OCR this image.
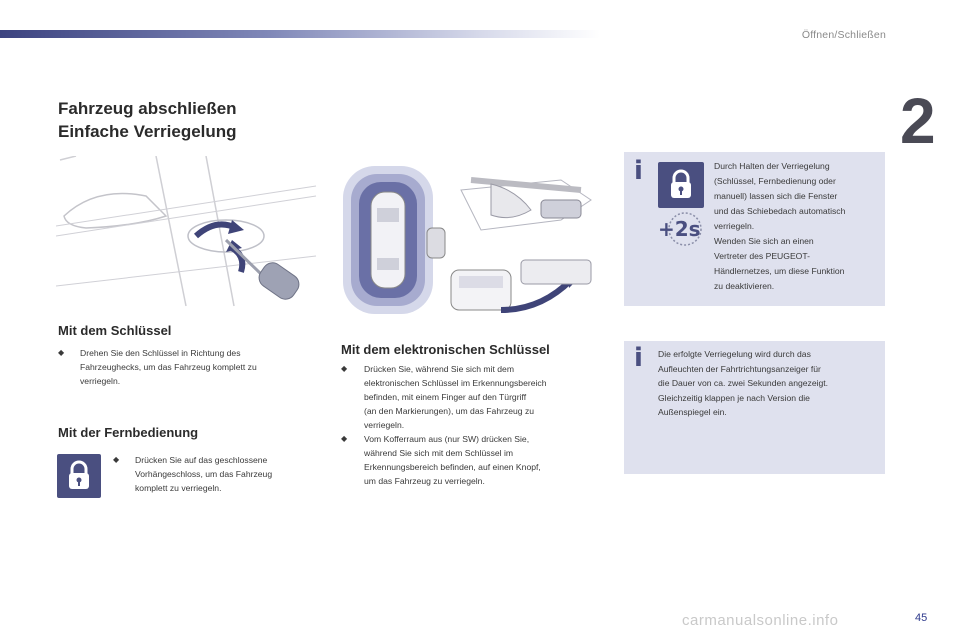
Öffnen/Schließen
2
Fahrzeug abschließen
Einfache Verriegelung
Mit dem Schlüssel
◆ Drehen Sie den Schlüssel in Richtung des
Fahrzeughecks, um das Fahrzeug komplett zu
verriegeln.
Mit der Fernbedienung
◆ Drücken Sie auf das geschlossene
Vorhängeschloss, um das Fahrzeug
komplett zu verriegeln.
Mit dem elektronischen Schlüssel
◆ Drücken Sie, während Sie sich mit dem
elektronischen Schlüssel im Erkennungsbereich
befinden, mit einem Finger auf den Türgriff
(an den Markierungen), um das Fahrzeug zu
verriegeln.
◆ Vom Kofferraum aus (nur SW) drücken Sie,
während Sie sich mit dem Schlüssel im
Erkennungsbereich befinden, auf einen Knopf,
um das Fahrzeug zu verriegeln.
i
+2s
Durch Halten der Verriegelung
(Schlüssel, Fernbedienung oder
manuell) lassen sich die Fenster
und das Schiebedach automatisch
verriegeln.
Wenden Sie sich an einen
Vertreter des PEUGEOT-
Händlernetzes, um diese Funktion
zu deaktivieren.
i Die erfolgte Verriegelung wird durch das
Aufleuchten der Fahrtrichtungsanzeiger für
die Dauer von ca. zwei Sekunden angezeigt.
Gleichzeitig klappen je nach Version die
Außenspiegel ein.
carmanualsonline.info	45
